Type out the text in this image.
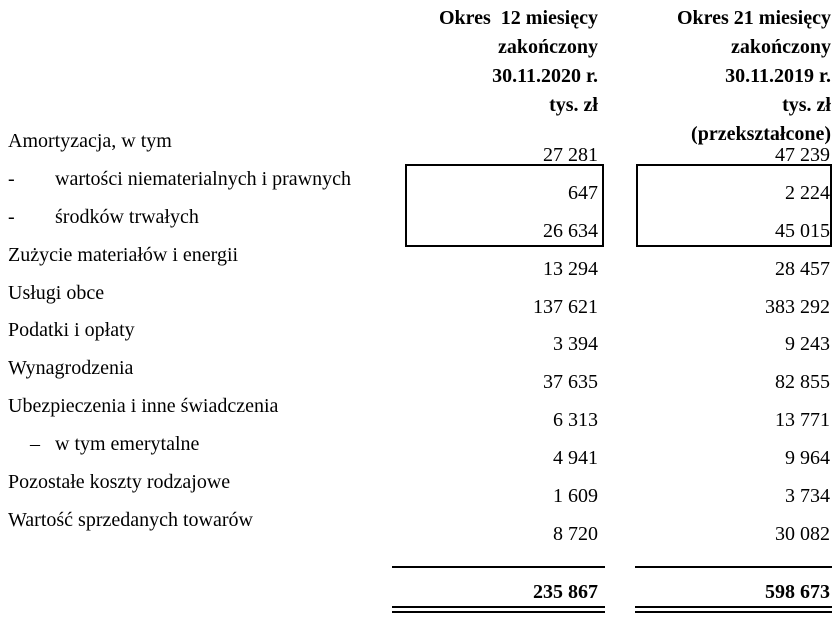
Okres  12 miesięcy
zakończony
30.11.2020 r.
tys. zł
Okres 21 miesięcy
zakończony
30.11.2019 r.
tys. zł
(przekształcone)
Amortyzacja, w tym
27 281	47 239
- wartości niematerialnych i prawnych
647	2 224
- środków trwałych
26 634	45 015
Zużycie materiałów i energii
13 294	28 457
Usługi obce
137 621	383 292
Podatki i opłaty
3 394	9 243
Wynagrodzenia
37 635	82 855
Ubezpieczenia i inne świadczenia
6 313	13 771
– w tym emerytalne
4 941	9 964
Pozostałe koszty rodzajowe
1 609	3 734
Wartość sprzedanych towarów
8 720	30 082
235 867	598 673
